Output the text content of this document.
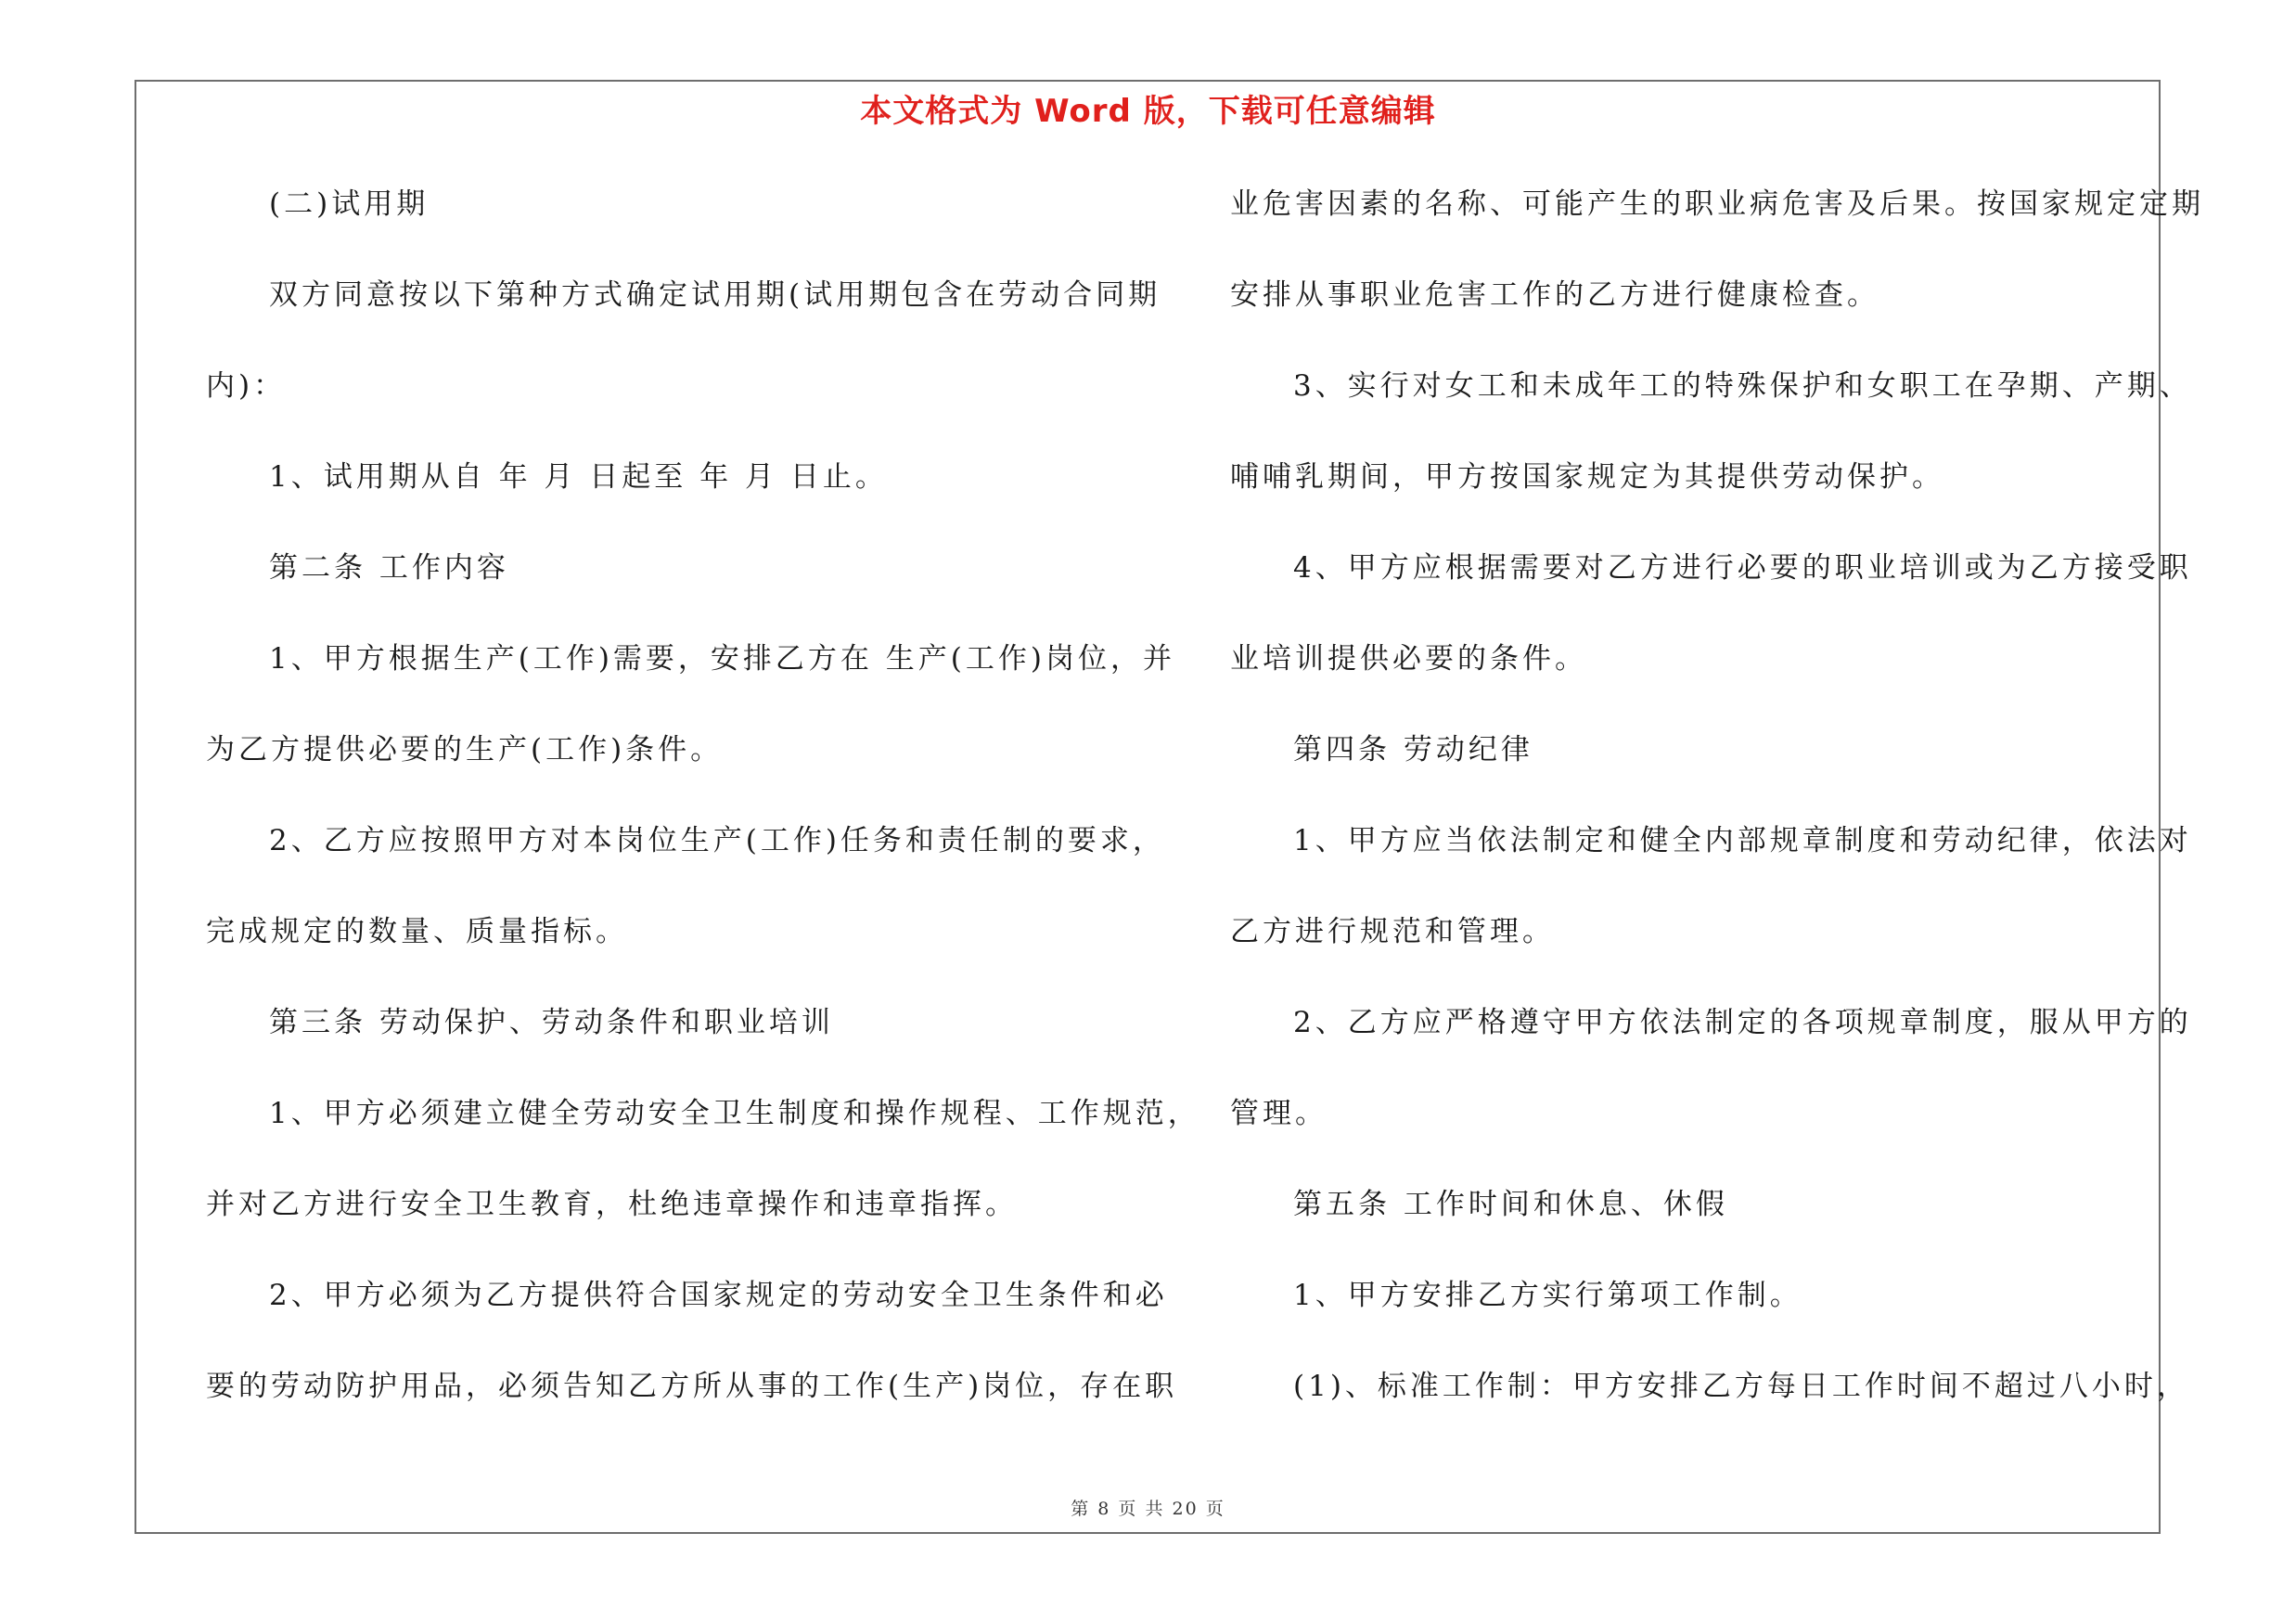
本文格式为 Word 版，下载可任意编辑
(二)试用期
双方同意按以下第种方式确定试用期(试用期包含在劳动合同期
内)：
1、试用期从自 年 月 日起至 年 月 日止。
第二条 工作内容
1、甲方根据生产(工作)需要，安排乙方在 生产(工作)岗位，并
为乙方提供必要的生产(工作)条件。
2、乙方应按照甲方对本岗位生产(工作)任务和责任制的要求，
完成规定的数量、质量指标。
第三条 劳动保护、劳动条件和职业培训
1、甲方必须建立健全劳动安全卫生制度和操作规程、工作规范，
并对乙方进行安全卫生教育，杜绝违章操作和违章指挥。
2、甲方必须为乙方提供符合国家规定的劳动安全卫生条件和必
要的劳动防护用品，必须告知乙方所从事的工作(生产)岗位，存在职
业危害因素的名称、可能产生的职业病危害及后果。按国家规定定期
安排从事职业危害工作的乙方进行健康检查。
3、实行对女工和未成年工的特殊保护和女职工在孕期、产期、
哺哺乳期间，甲方按国家规定为其提供劳动保护。
4、甲方应根据需要对乙方进行必要的职业培训或为乙方接受职
业培训提供必要的条件。
第四条 劳动纪律
1、甲方应当依法制定和健全内部规章制度和劳动纪律，依法对
乙方进行规范和管理。
2、乙方应严格遵守甲方依法制定的各项规章制度，服从甲方的
管理。
第五条 工作时间和休息、休假
1、甲方安排乙方实行第项工作制。
(1)、标准工作制：甲方安排乙方每日工作时间不超过八小时，
第 8 页 共 20 页
